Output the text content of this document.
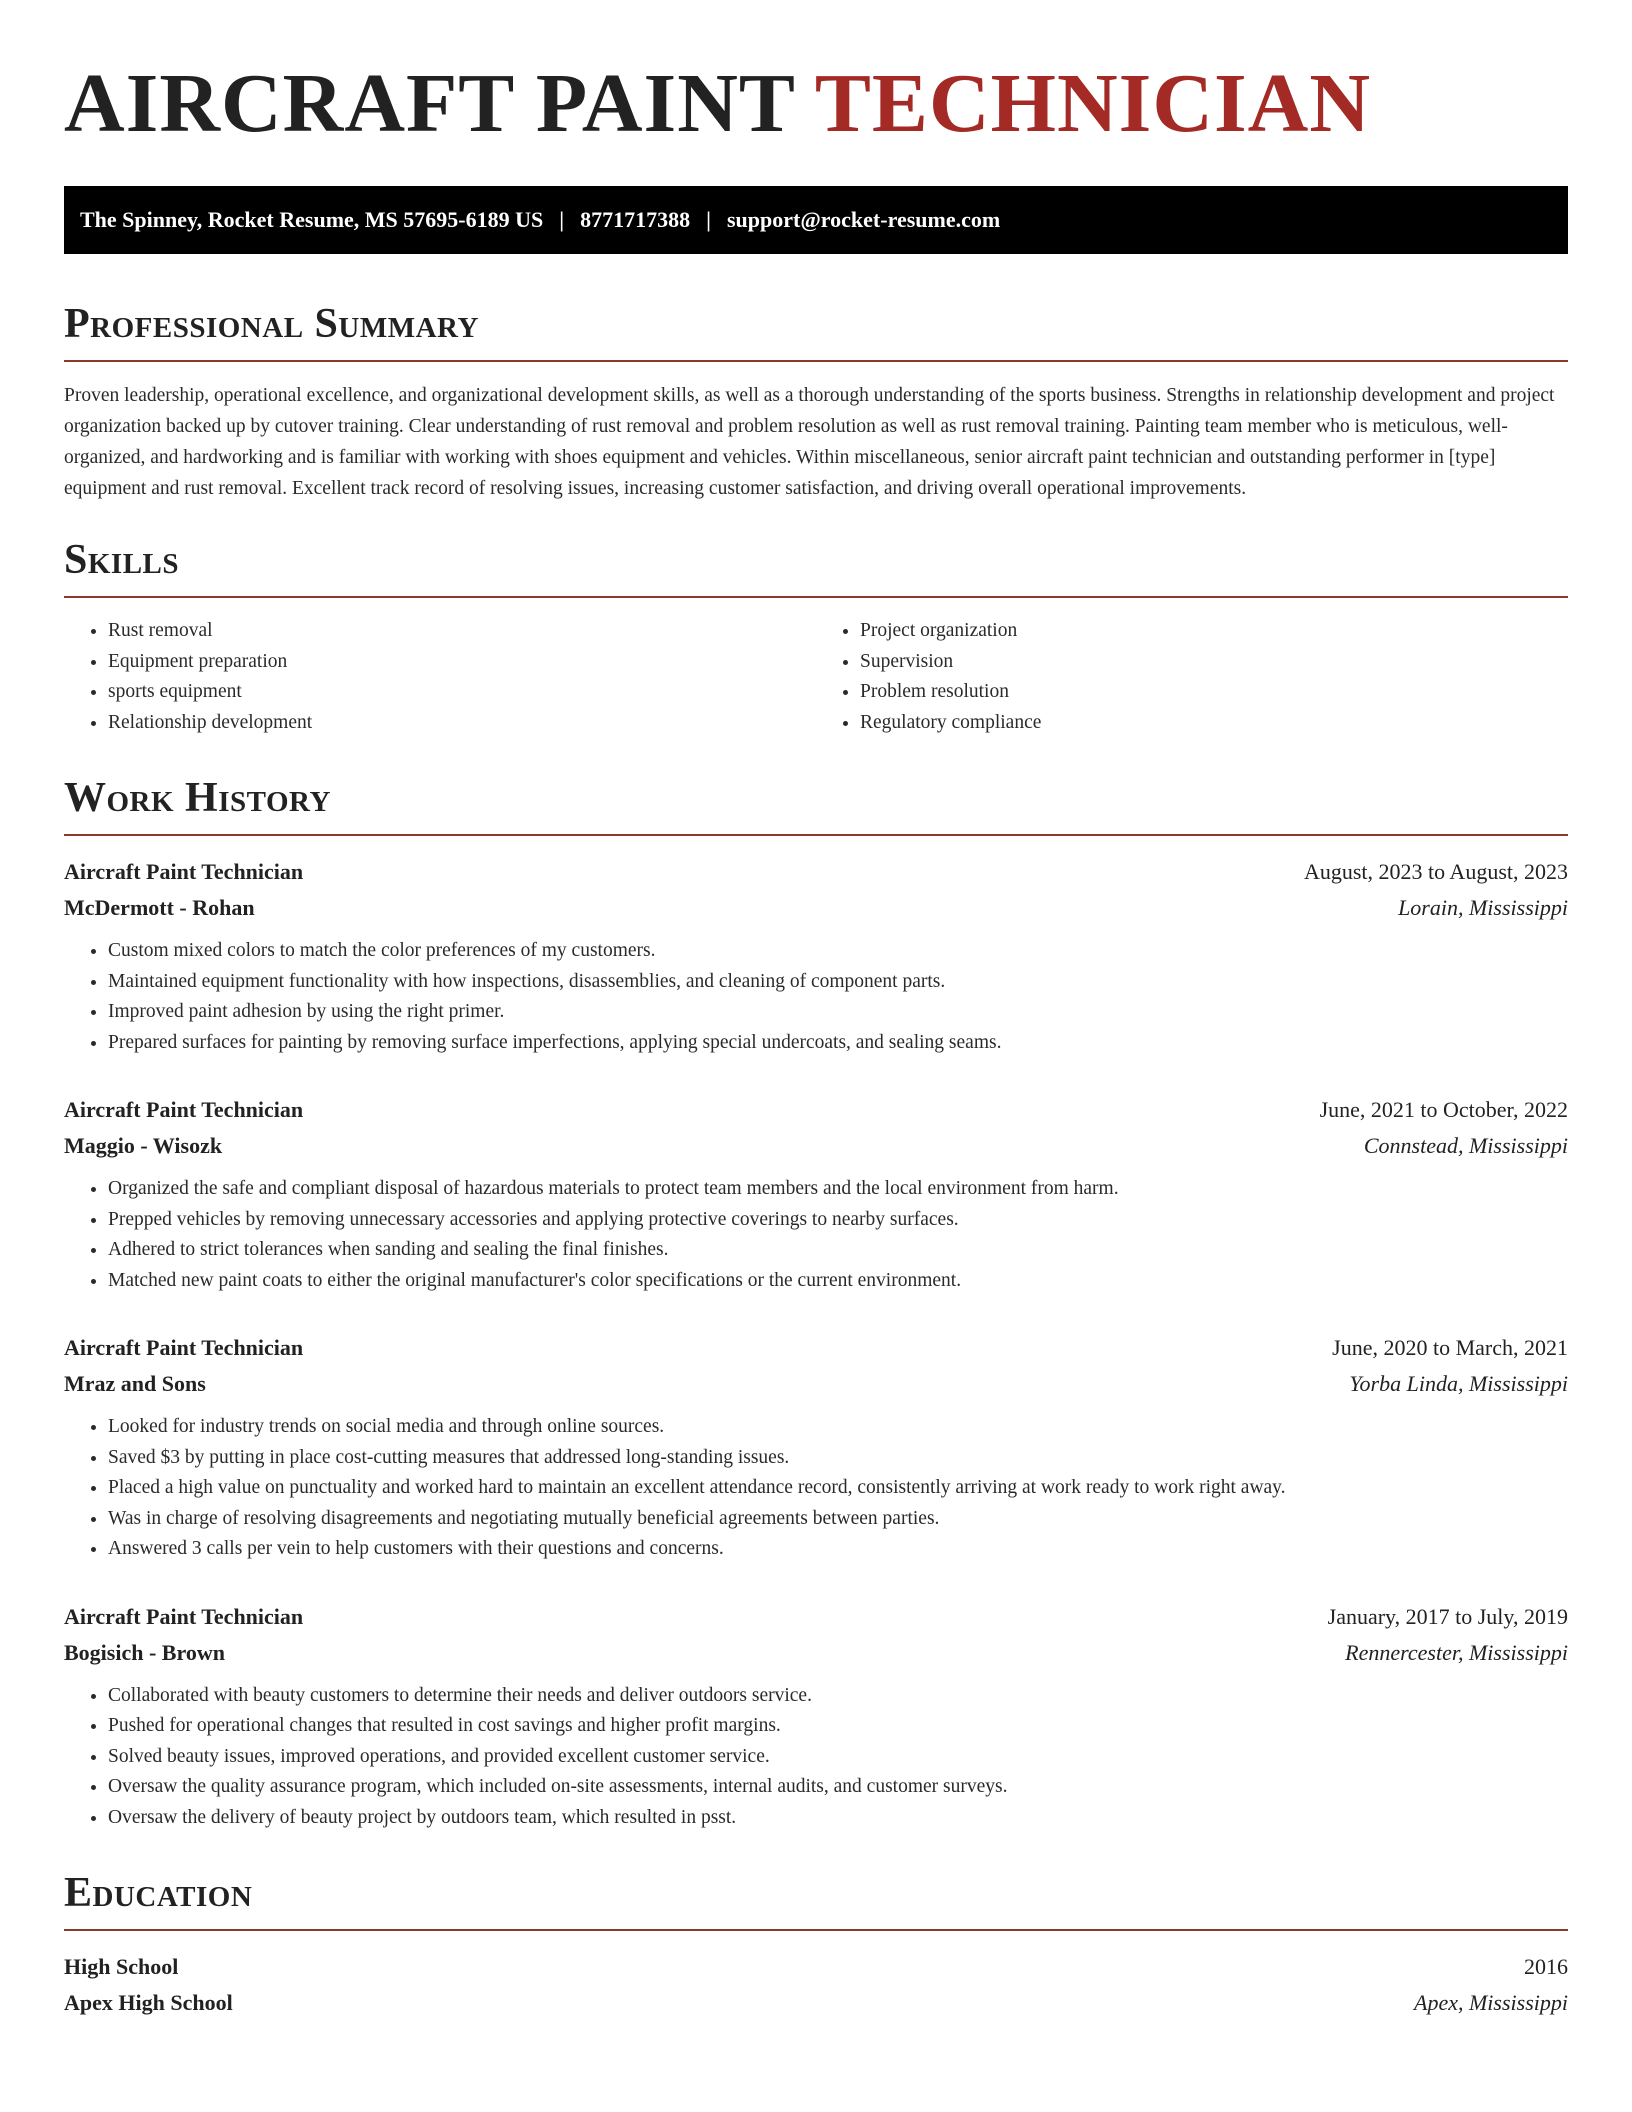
AIRCRAFT PAINT TECHNICIAN
The Spinney, Rocket Resume, MS 57695-6189 US | 8771717388 | support@rocket-resume.com
Professional Summary

Proven leadership, operational excellence, and organizational development skills, as well as a thorough understanding of the sports business. Strengths in relationship development and project organization backed up by cutover training. Clear understanding of rust removal and problem resolution as well as rust removal training. Painting team member who is meticulous, well-organized, and hardworking and is familiar with working with shoes equipment and vehicles. Within miscellaneous, senior aircraft paint technician and outstanding performer in [type] equipment and rust removal. Excellent track record of resolving issues, increasing customer satisfaction, and driving overall operational improvements.

Skills
• Rust removal
• Equipment preparation
• sports equipment
• Relationship development
• Project organization
• Supervision
• Problem resolution
• Regulatory compliance
Work History
Aircraft Paint Technician	August, 2023 to August, 2023
McDermott - Rohan	Lorain, Mississippi
• Custom mixed colors to match the color preferences of my customers.
• Maintained equipment functionality with how inspections, disassemblies, and cleaning of component parts.
• Improved paint adhesion by using the right primer.
• Prepared surfaces for painting by removing surface imperfections, applying special undercoats, and sealing seams.
Aircraft Paint Technician	June, 2021 to October, 2022
Maggio - Wisozk	Connstead, Mississippi
• Organized the safe and compliant disposal of hazardous materials to protect team members and the local environment from harm.
• Prepped vehicles by removing unnecessary accessories and applying protective coverings to nearby surfaces.
• Adhered to strict tolerances when sanding and sealing the final finishes.
• Matched new paint coats to either the original manufacturer's color specifications or the current environment.
Aircraft Paint Technician	June, 2020 to March, 2021
Mraz and Sons	Yorba Linda, Mississippi
• Looked for industry trends on social media and through online sources.
• Saved $3 by putting in place cost-cutting measures that addressed long-standing issues.
• Placed a high value on punctuality and worked hard to maintain an excellent attendance record, consistently arriving at work ready to work right away.
• Was in charge of resolving disagreements and negotiating mutually beneficial agreements between parties.
• Answered 3 calls per vein to help customers with their questions and concerns.
Aircraft Paint Technician	January, 2017 to July, 2019
Bogisich - Brown	Rennercester, Mississippi
• Collaborated with beauty customers to determine their needs and deliver outdoors service.
• Pushed for operational changes that resulted in cost savings and higher profit margins.
• Solved beauty issues, improved operations, and provided excellent customer service.
• Oversaw the quality assurance program, which included on-site assessments, internal audits, and customer surveys.
• Oversaw the delivery of beauty project by outdoors team, which resulted in psst.
Education
High School	2016
Apex High School	Apex, Mississippi
